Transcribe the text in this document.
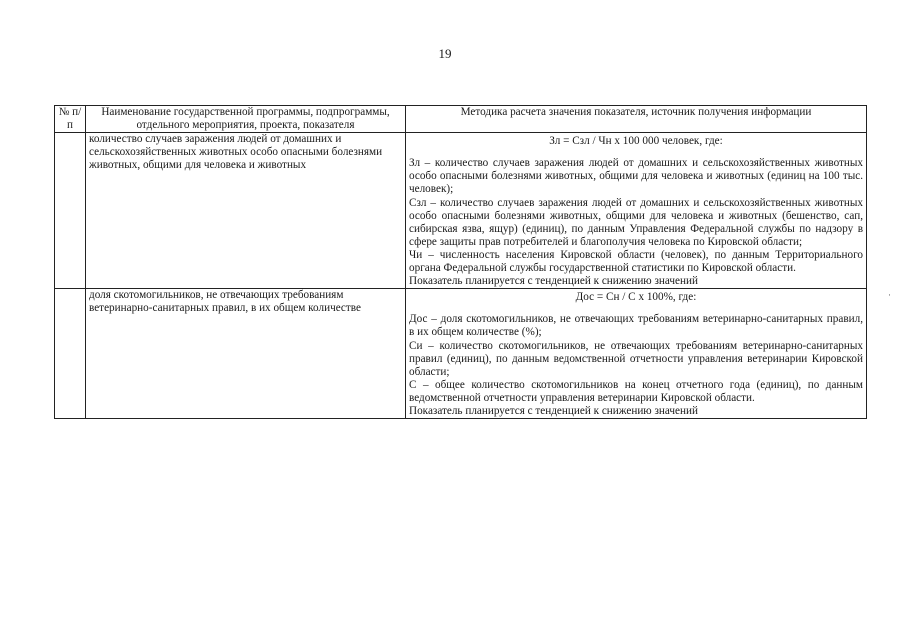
19
№ п/п	Наименование государственной программы, подпрограммы, отдельного мероприятия, проекта, показателя	Методика расчета значения показателя, источник получения информации
	количество случаев заражения людей от домашних и сельскохозяйственных животных особо опасными болезнями животных, общими для человека и животных	Зл = Сзл / Чн х 100 000 человек, где:

Зл – количество случаев заражения людей от домашних и сельскохозяйственных животных особо опасными болезнями животных, общими для человека и животных (единиц на 100 тыс. человек);

Сзл – количество случаев заражения людей от домашних и сельскохозяйственных животных особо опасными болезнями животных, общими для человека и животных (бешенство, сап, сибирская язва, ящур) (единиц), по данным Управления Федеральной службы по надзору в сфере защиты прав потребителей и благополучия человека по Кировской области;

Чи – численность населения Кировской области (человек), по данным Территориального органа Федеральной службы государственной статистики по Кировской области.

Показатель планируется с тенденцией к снижению значений

	доля скотомогильников, не отвечающих требованиям ветеринарно-санитарных правил, в их общем количестве	Дос = Сн / С х 100%, где:

Дос – доля скотомогильников, не отвечающих требованиям ветеринарно-санитарных правил, в их общем количестве (%);

Си – количество скотомогильников, не отвечающих требованиям ветеринарно-санитарных правил (единиц), по данным ведомственной отчетности управления ветеринарии Кировской области;

С – общее количество скотомогильников на конец отчетного года (единиц), по данным ведомственной отчетности управления ветеринарии Кировской области.

Показатель планируется с тенденцией к снижению значений

·
